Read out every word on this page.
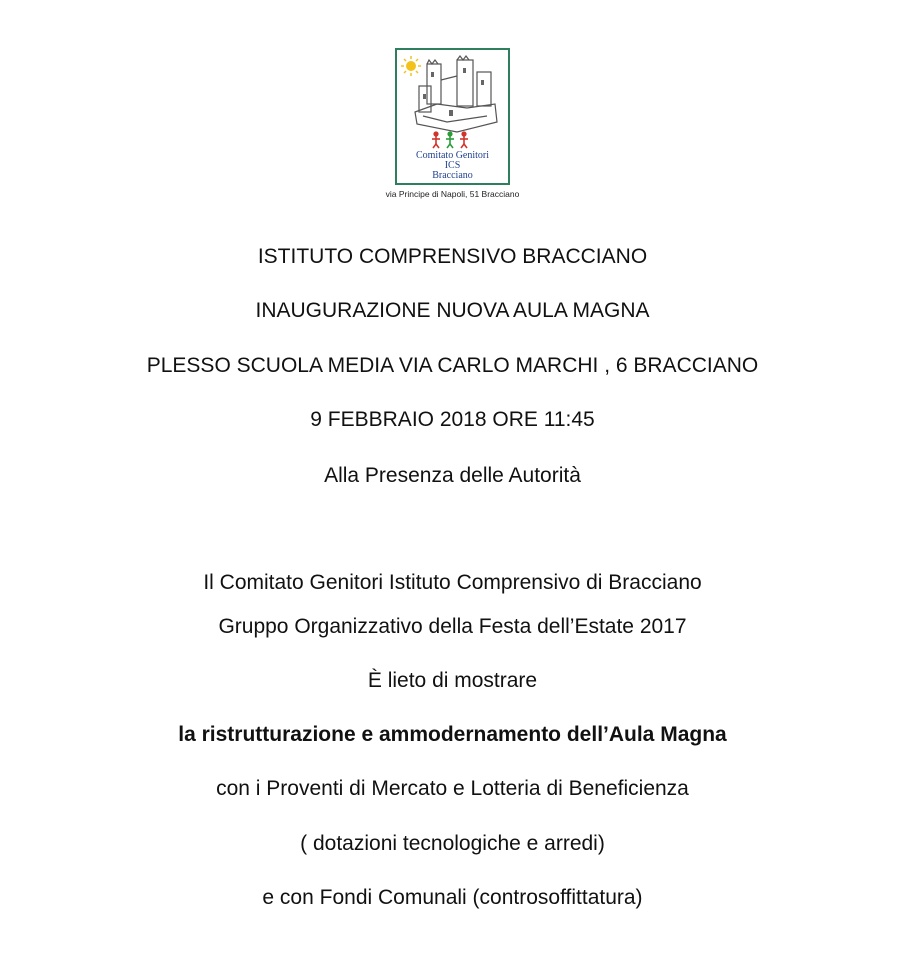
Comitato Genitori
ICS
Bracciano
via Principe di Napoli, 51 Bracciano
ISTITUTO COMPRENSIVO BRACCIANO
INAUGURAZIONE NUOVA AULA MAGNA
PLESSO SCUOLA MEDIA VIA CARLO MARCHI , 6 BRACCIANO
9 FEBBRAIO 2018 ORE 11:45
Alla Presenza delle Autorità
Il Comitato Genitori Istituto Comprensivo di Bracciano
Gruppo Organizzativo della Festa dell’Estate 2017
È lieto di mostrare
la ristrutturazione e ammodernamento dell’Aula Magna
con i Proventi di Mercato e Lotteria di Beneficienza
( dotazioni tecnologiche e arredi)
e con Fondi Comunali (controsoffittatura)
